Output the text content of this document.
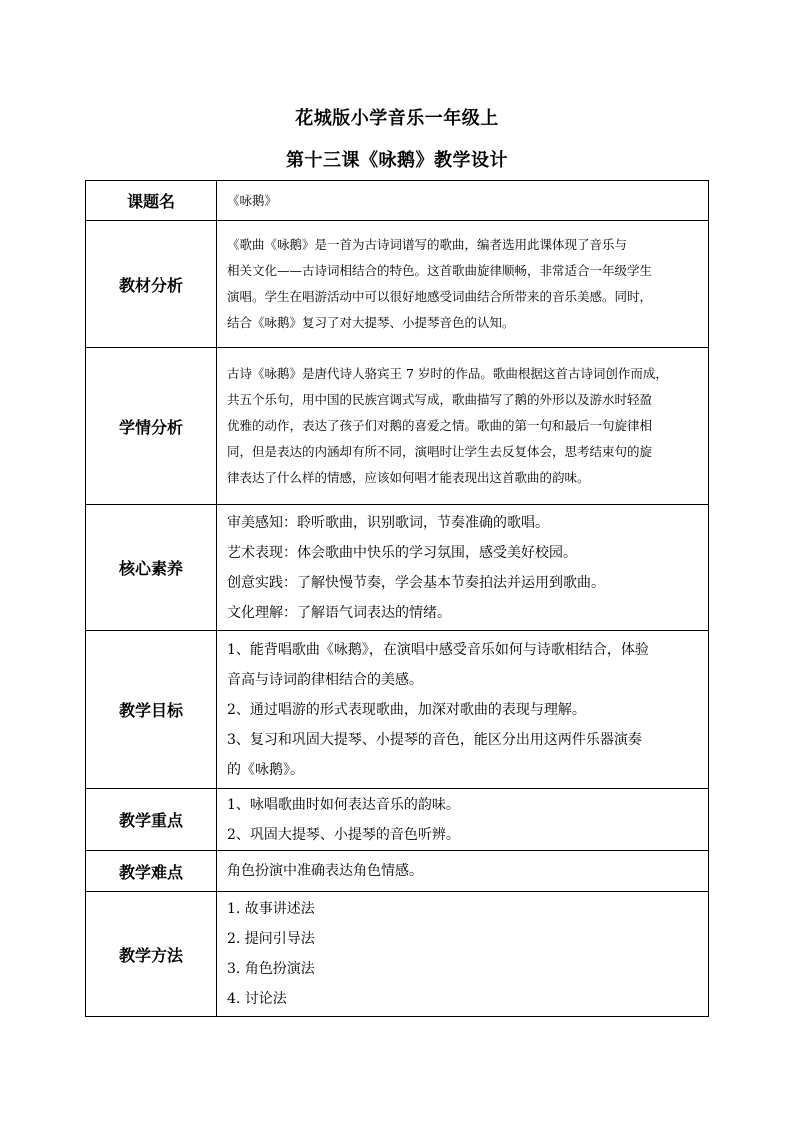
花城版小学音乐一年级上
第十三课《咏鹅》教学设计
课题名	《咏鹅》

教材分析	《歌曲《咏鹅》是一首为古诗词谱写的歌曲，编者选用此课体现了音乐与
相关文化——古诗词相结合的特色。这首歌曲旋律顺畅，非常适合一年级学生
演唱。学生在唱游活动中可以很好地感受词曲结合所带来的音乐美感。同时，
结合《咏鹅》复习了对大提琴、小提琴音色的认知。

学情分析	古诗《咏鹅》是唐代诗人骆宾王 7 岁时的作品。歌曲根据这首古诗词创作而成，
共五个乐句，用中国的民族宫调式写成，歌曲描写了鹅的外形以及游水时轻盈
优雅的动作，表达了孩子们对鹅的喜爱之情。歌曲的第一句和最后一句旋律相
同，但是表达的内涵却有所不同，演唱时让学生去反复体会，思考结束句的旋
律表达了什么样的情感，应该如何唱才能表现出这首歌曲的韵味。

核心素养	审美感知：聆听歌曲，识别歌词，节奏准确的歌唱。
艺术表现：体会歌曲中快乐的学习氛围，感受美好校园。
创意实践：了解快慢节奏，学会基本节奏拍法并运用到歌曲。
文化理解：了解语气词表达的情绪。

教学目标	1、能背唱歌曲《咏鹅》，在演唱中感受音乐如何与诗歌相结合，体验
音高与诗词韵律相结合的美感。
2、通过唱游的形式表现歌曲，加深对歌曲的表现与理解。
3、复习和巩固大提琴、小提琴的音色，能区分出用这两件乐器演奏
的《咏鹅》。

教学重点	1、咏唱歌曲时如何表达音乐的韵味。
2、巩固大提琴、小提琴的音色听辨。

教学难点	角色扮演中准确表达角色情感。

教学方法	1. 故事讲述法
2. 提问引导法
3. 角色扮演法
4. 讨论法
